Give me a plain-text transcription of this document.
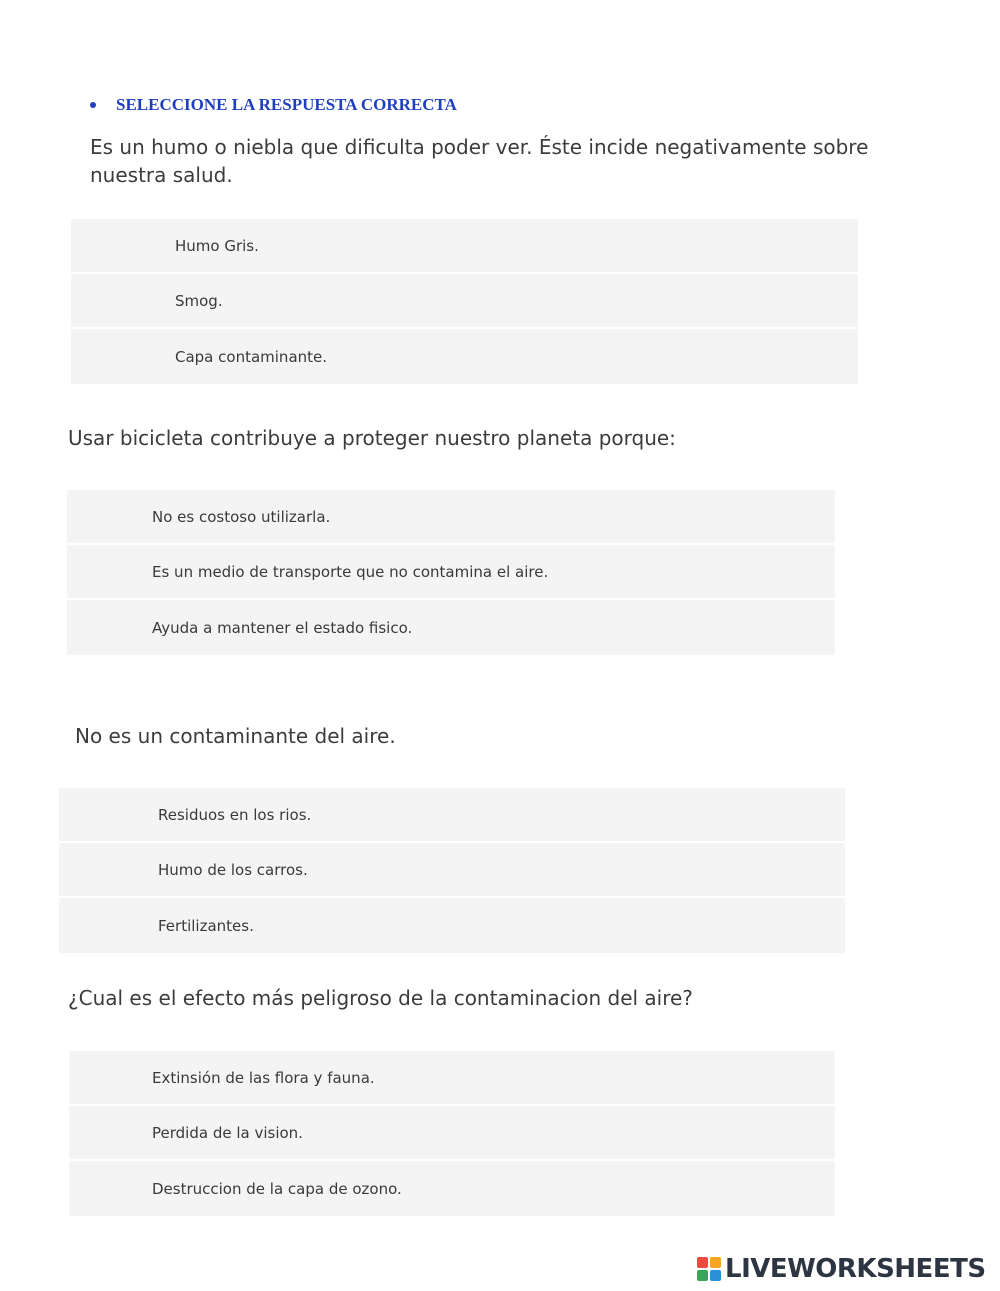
SELECCIONE LA RESPUESTA CORRECTA
Es un humo o niebla que dificulta poder ver. Éste incide negativamente sobre
nuestra salud.
Humo Gris.
Smog.
Capa contaminante.
Usar bicicleta contribuye a proteger nuestro planeta porque:
No es costoso utilizarla.
Es un medio de transporte que no contamina el aire.
Ayuda a mantener el estado fisico.
No es un contaminante del aire.
Residuos en los rios.
Humo de los carros.
Fertilizantes.
¿Cual es el efecto más peligroso de la contaminacion del aire?
Extinsión de las flora y fauna.
Perdida de la vision.
Destruccion de la capa de ozono.
LIVEWORKSHEETS
